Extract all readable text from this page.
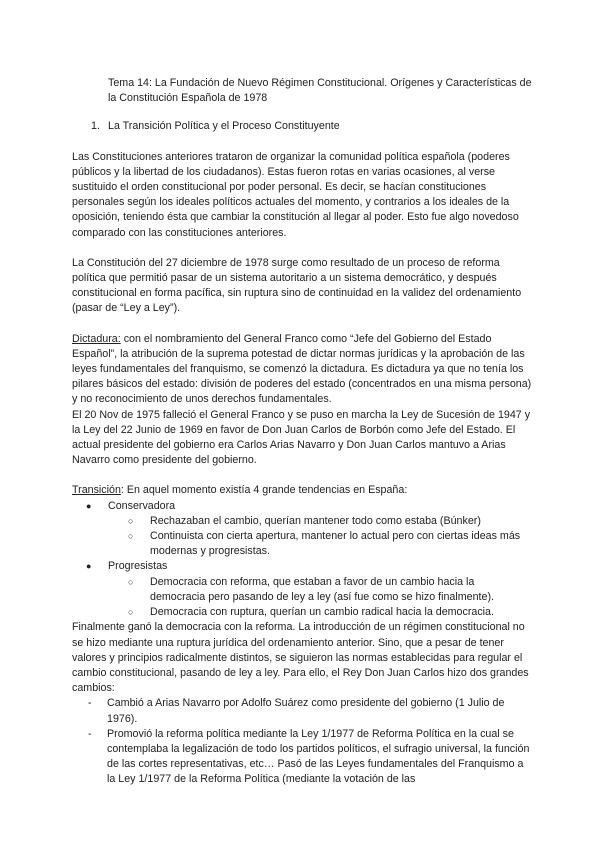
Tema 14: La Fundación de Nuevo Régimen Constitucional. Orígenes y Características de la Constitución Española de 1978
1. La Transición Política y el Proceso Constituyente

Las Constituciones anteriores trataron de organizar la comunidad política española (poderes públicos y la libertad de los ciudadanos). Estas fueron rotas en varias ocasiones, al verse sustituido el orden constitucional por poder personal. Es decir, se hacían constituciones personales según los ideales políticos actuales del momento, y contrarios a los ideales de la oposición, teniendo ésta que cambiar la constitución al llegar al poder. Esto fue algo novedoso comparado con las constituciones anteriores.

La Constitución del 27 diciembre de 1978 surge como resultado de un proceso de reforma política que permitió pasar de un sistema autoritario a un sistema democrático, y después constitucional en forma pacífica, sin ruptura sino de continuidad en la validez del ordenamiento (pasar de “Ley a Ley”).

Dictadura: con el nombramiento del General Franco como “Jefe del Gobierno del Estado Español”, la atribución de la suprema potestad de dictar normas jurídicas y la aprobación de las leyes fundamentales del franquismo, se comenzó la dictadura. Es dictadura ya que no tenía los pilares básicos del estado: división de poderes del estado (concentrados en una misma persona) y no reconocimiento de unos derechos fundamentales.

El 20 Nov de 1975 falleció el General Franco y se puso en marcha la Ley de Sucesión de 1947 y la Ley del 22 Junio de 1969 en favor de Don Juan Carlos de Borbón como Jefe del Estado. El actual presidente del gobierno era Carlos Arias Navarro y Don Juan Carlos mantuvo a Arias Navarro como presidente del gobierno.

Transición: En aquel momento existía 4 grande tendencias en España:

●	Conservadora
○	Rechazaban el cambio, querían mantener todo como estaba (Búnker)
○	Continuista con cierta apertura, mantener lo actual pero con ciertas ideas más modernas y progresistas.
●	Progresistas
○	Democracia con reforma, que estaban a favor de un cambio hacia la democracia pero pasando de ley a ley (así fue como se hizo finalmente).
○	Democracia con ruptura, querían un cambio radical hacia la democracia.

Finalmente ganó la democracia con la reforma. La introducción de un régimen constitucional no se hizo mediante una ruptura jurídica del ordenamiento anterior. Sino, que a pesar de tener valores y principios radicalmente distintos, se siguieron las normas establecidas para regular el cambio constitucional, pasando de ley a ley. Para ello, el Rey Don Juan Carlos hizo dos grandes cambios:

-	Cambió a Arias Navarro por Adolfo Suárez como presidente del gobierno (1 Julio de 1976).
-	Promovió la reforma política mediante la Ley 1/1977 de Reforma Política en la cual se contemplaba la legalización de todo los partidos políticos, el sufragio universal, la función de las cortes representativas, etc… Pasó de las Leyes fundamentales del Franquismo a la Ley 1/1977 de la Reforma Política (mediante la votación de las
